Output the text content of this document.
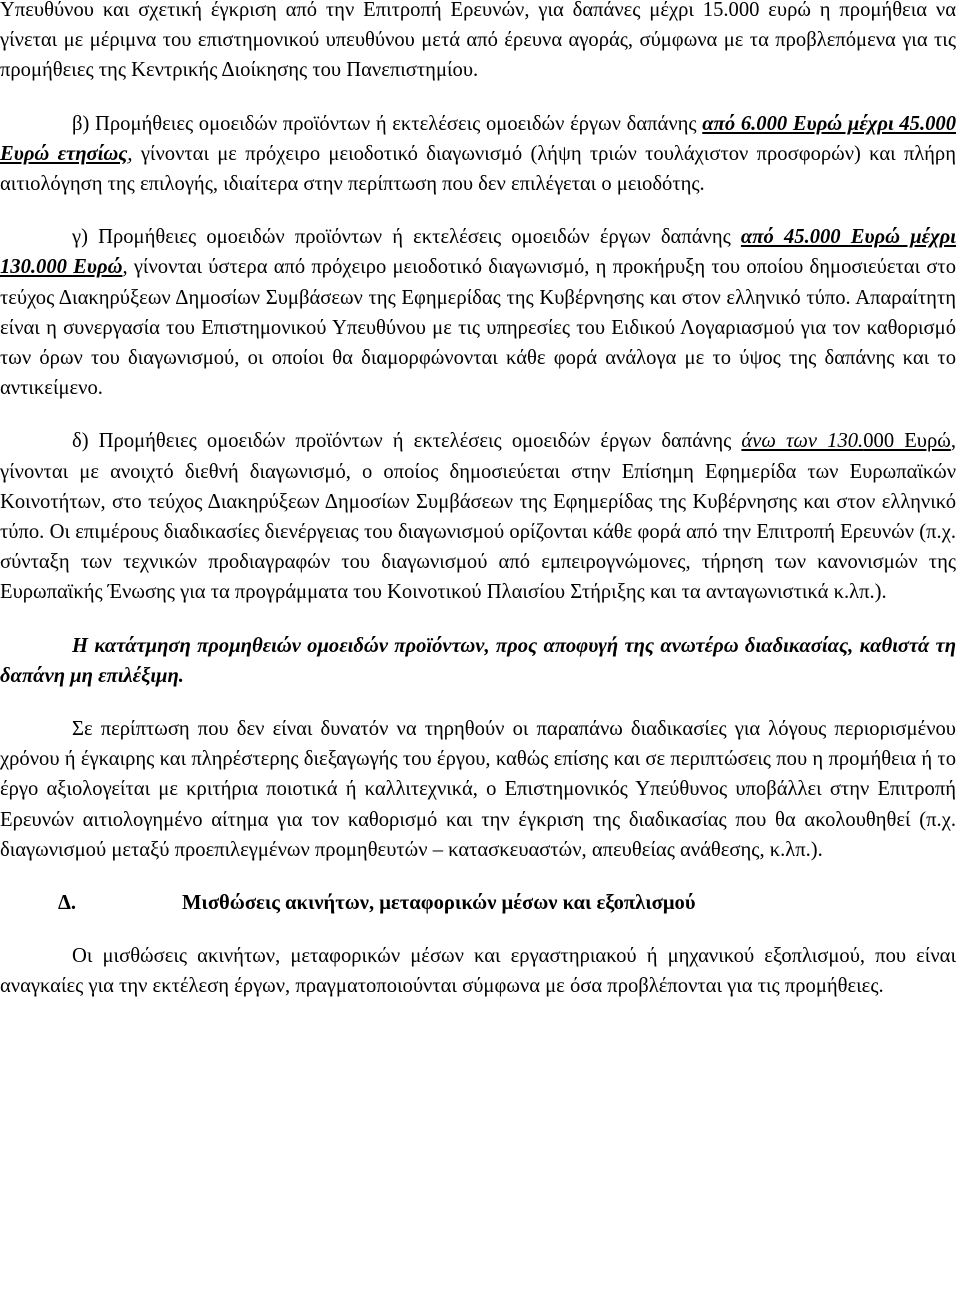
Υπευθύνου και σχετική έγκριση από την Επιτροπή Ερευνών, για δαπάνες μέχρι 15.000 ευρώ η προμήθεια να γίνεται με μέριμνα του επιστημονικού υπευθύνου μετά από έρευνα αγοράς, σύμφωνα με τα προβλεπόμενα για τις προμήθειες της Κεντρικής Διοίκησης του Πανεπιστημίου.

β) Προμήθειες ομοειδών προϊόντων ή εκτελέσεις ομοειδών έργων δαπάνης από 6.000 Ευρώ μέχρι 45.000 Ευρώ ετησίως, γίνονται με πρόχειρο μειοδοτικό διαγωνισμό (λήψη τριών τουλάχιστον προσφορών) και πλήρη αιτιολόγηση της επιλογής, ιδιαίτερα στην περίπτωση που δεν επιλέγεται ο μειοδότης.

γ) Προμήθειες ομοειδών προϊόντων ή εκτελέσεις ομοειδών έργων δαπάνης από 45.000 Ευρώ μέχρι 130.000 Ευρώ, γίνονται ύστερα από πρόχειρο μειοδοτικό διαγωνισμό, η προκήρυξη του οποίου δημοσιεύεται στο τεύχος Διακηρύξεων Δημοσίων Συμβάσεων της Εφημερίδας της Κυβέρνησης και στον ελληνικό τύπο. Απαραίτητη είναι η συνεργασία του Επιστημονικού Υπευθύνου με τις υπηρεσίες του Ειδικού Λογαριασμού για τον καθορισμό των όρων του διαγωνισμού, οι οποίοι θα διαμορφώνονται κάθε φορά ανάλογα με το ύψος της δαπάνης και το αντικείμενο.

δ) Προμήθειες ομοειδών προϊόντων ή εκτελέσεις ομοειδών έργων δαπάνης άνω των 130.000 Ευρώ, γίνονται με ανοιχτό διεθνή διαγωνισμό, ο οποίος δημοσιεύεται στην Επίσημη Εφημερίδα των Ευρωπαϊκών Κοινοτήτων, στο τεύχος Διακηρύξεων Δημοσίων Συμβάσεων της Εφημερίδας της Κυβέρνησης και στον ελληνικό τύπο. Οι επιμέρους διαδικασίες διενέργειας του διαγωνισμού ορίζονται κάθε φορά από την Επιτροπή Ερευνών (π.χ. σύνταξη των τεχνικών προδιαγραφών του διαγωνισμού από εμπειρογνώμονες, τήρηση των κανονισμών της Ευρωπαϊκής Ένωσης για τα προγράμματα του Κοινοτικού Πλαισίου Στήριξης και τα ανταγωνιστικά κ.λπ.).

Η κατάτμηση προμηθειών ομοειδών προϊόντων, προς αποφυγή της ανωτέρω διαδικασίας, καθιστά τη δαπάνη μη επιλέξιμη.

Σε περίπτωση που δεν είναι δυνατόν να τηρηθούν οι παραπάνω διαδικασίες για λόγους περιορισμένου χρόνου ή έγκαιρης και πληρέστερης διεξαγωγής του έργου, καθώς επίσης και σε περιπτώσεις που η προμήθεια ή το έργο αξιολογείται με κριτήρια ποιοτικά ή καλλιτεχνικά, ο Επιστημονικός Υπεύθυνος υποβάλλει στην Επιτροπή Ερευνών αιτιολογημένο αίτημα για τον καθορισμό και την έγκριση της διαδικασίας που θα ακολουθηθεί (π.χ. διαγωνισμού μεταξύ προεπιλεγμένων προμηθευτών – κατασκευαστών, απευθείας ανάθεσης, κ.λπ.).

Δ.	Μισθώσεις ακινήτων, μεταφορικών μέσων και εξοπλισμού

Οι μισθώσεις ακινήτων, μεταφορικών μέσων και εργαστηριακού ή μηχανικού εξοπλισμού, που είναι αναγκαίες για την εκτέλεση έργων, πραγματοποιούνται σύμφωνα με όσα προβλέπονται για τις προμήθειες.
